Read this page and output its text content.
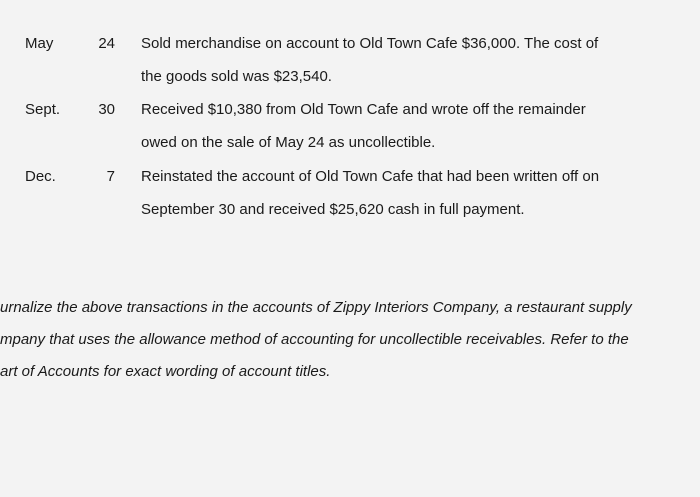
May	24 Sold merchandise on account to Old Town Cafe $36,000. The cost of
the goods sold was $23,540.
Sept.	30 Received $10,380 from Old Town Cafe and wrote off the remainder
owed on the sale of May 24 as uncollectible.
Dec.	7 Reinstated the account of Old Town Cafe that had been written off on
September 30 and received $25,620 cash in full payment.
urnalize the above transactions in the accounts of Zippy Interiors Company, a restaurant supply
mpany that uses the allowance method of accounting for uncollectible receivables. Refer to the
art of Accounts for exact wording of account titles.
